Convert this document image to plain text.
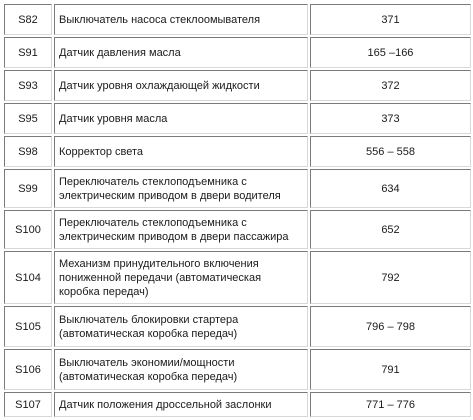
S82	Выключатель насоса стеклоомывателя	371
S91	Датчик давления масла	165 –166
S93	Датчик уровня охлаждающей жидкости	372
S95	Датчик уровня масла	373
S98	Корректор света	556 – 558
S99	Переключатель стеклоподъемника с электрическим приводом в двери водителя	634
S100	Переключатель стеклоподъемника с электрическим приводом в двери пассажира	652
S104	Механизм принудительного включения пониженной передачи (автоматическая коробка передач)	792
S105	Выключатель блокировки стартера (автоматическая коробка передач)	796 – 798
S106	Выключатель экономии/мощности (автоматическая коробка передач)	791
S107	Датчик положения дроссельной заслонки	771 – 776
